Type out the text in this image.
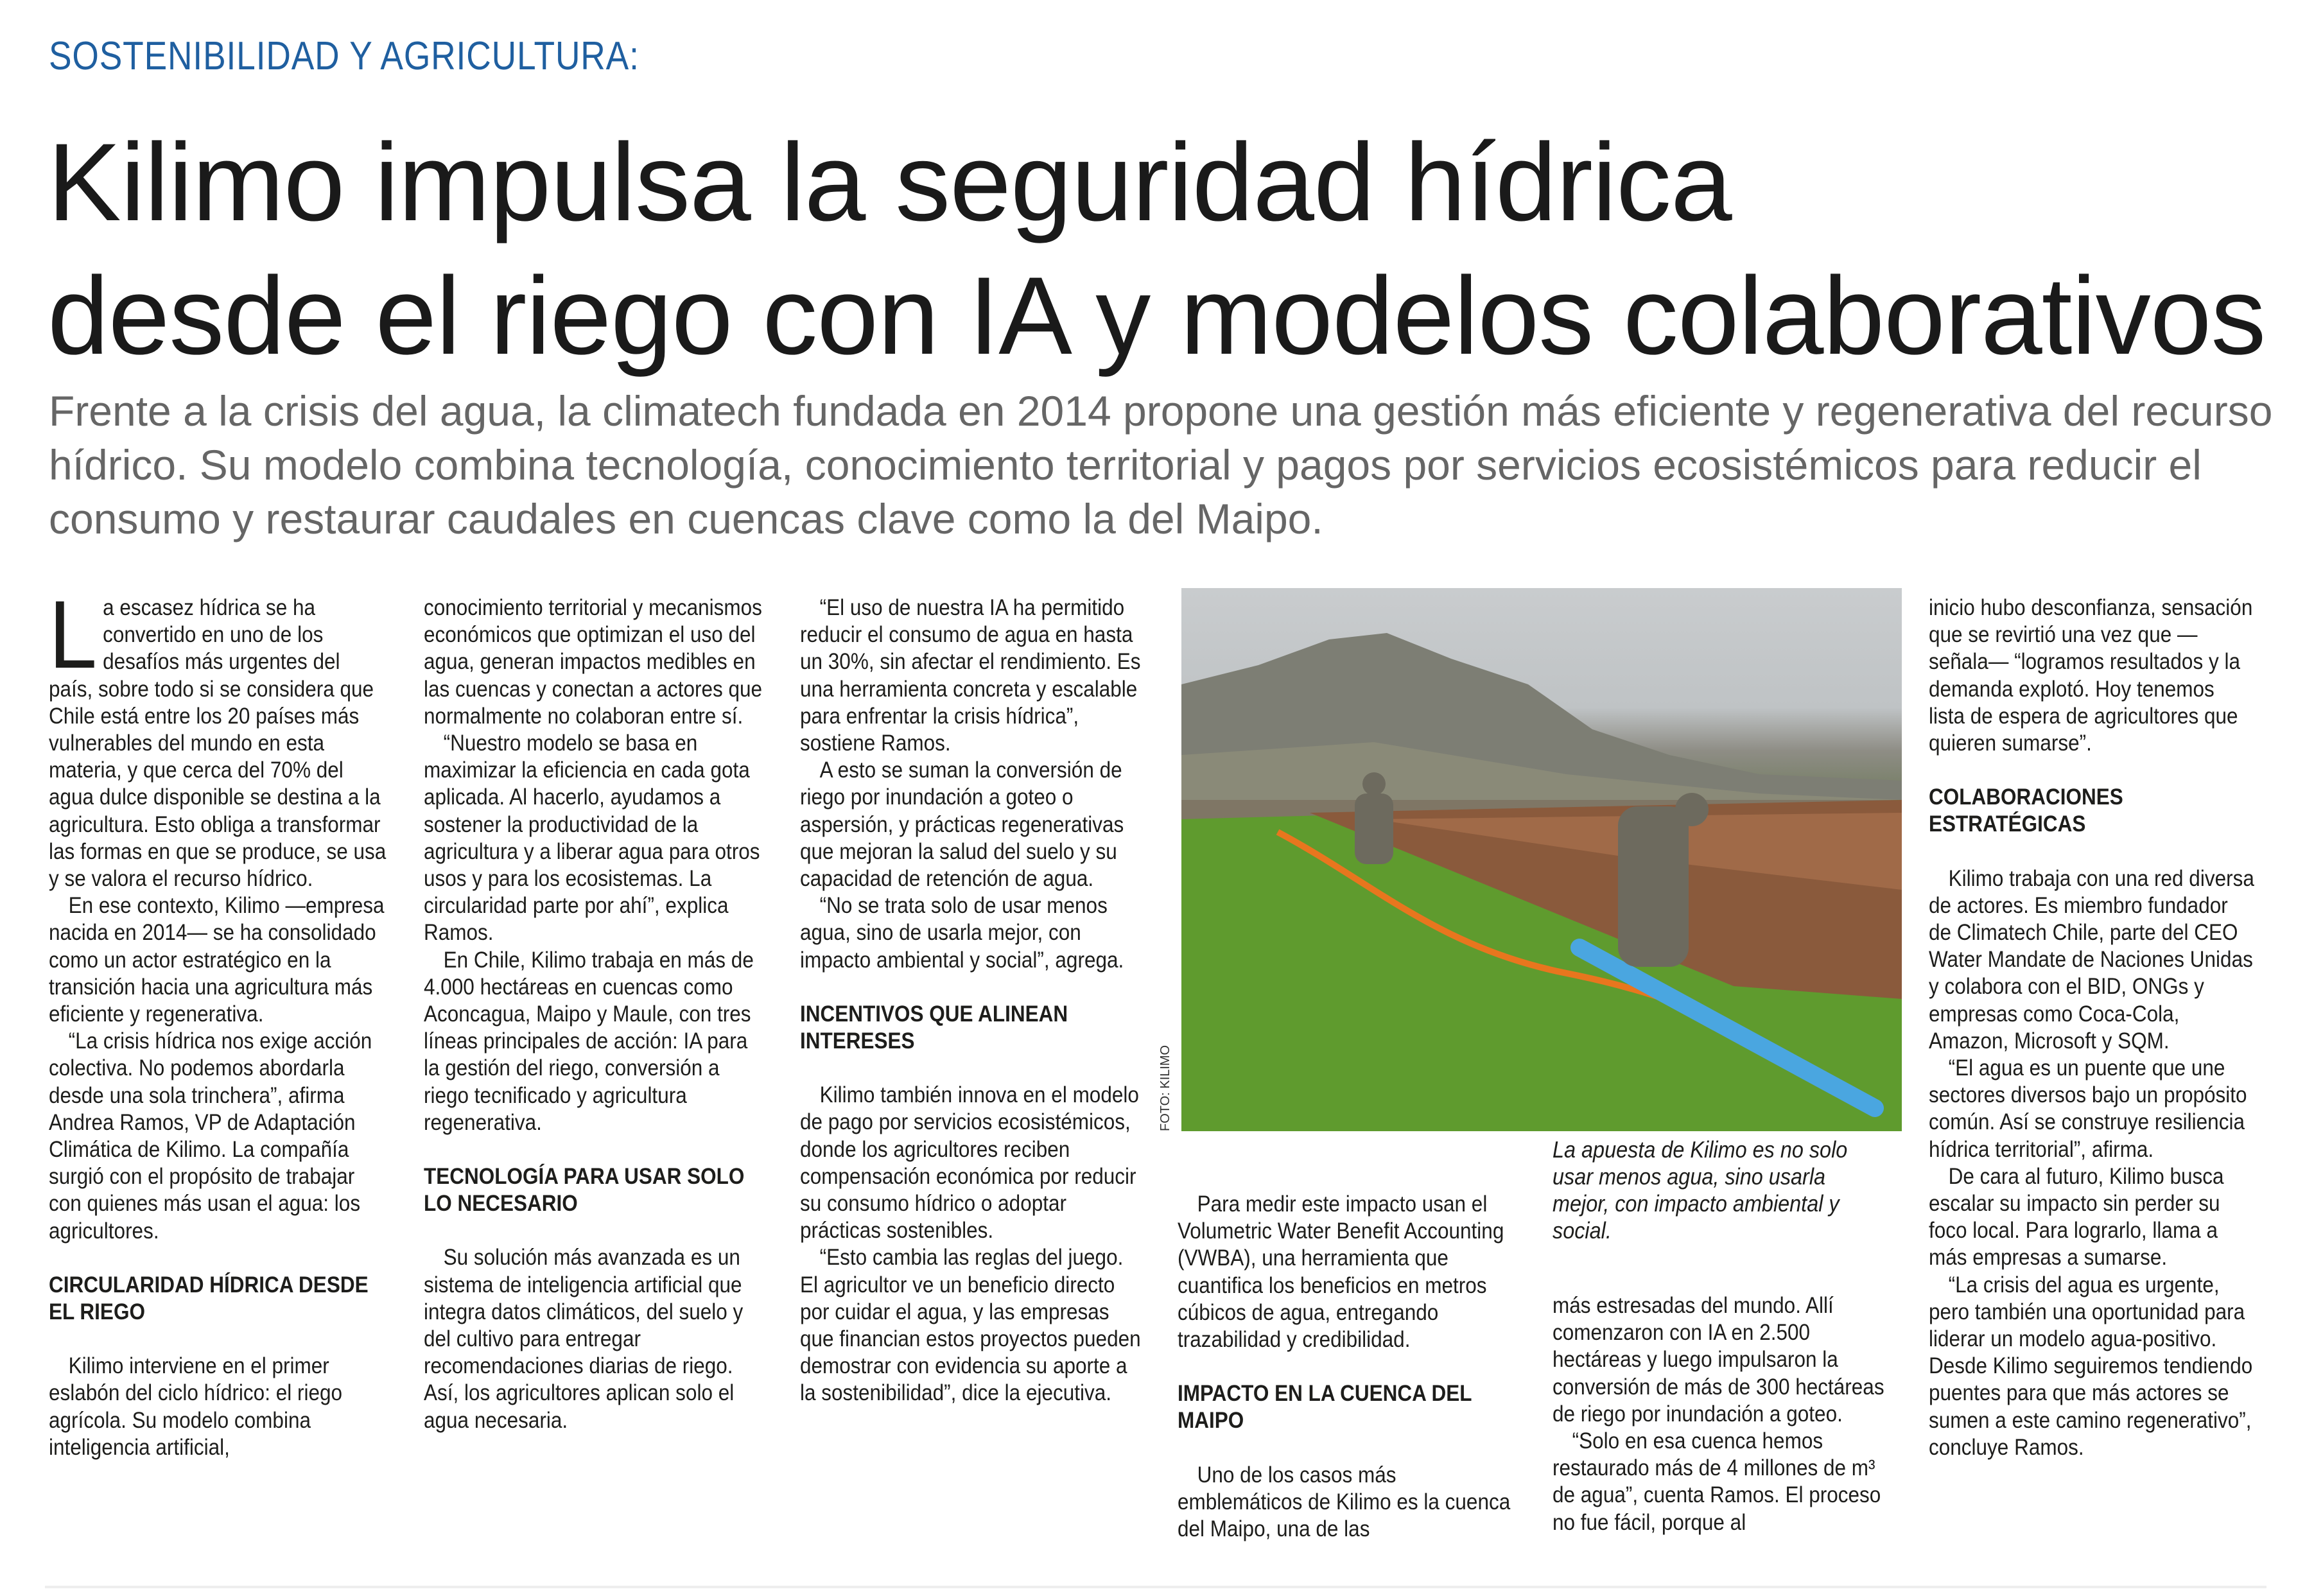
SOSTENIBILIDAD Y AGRICULTURA:
Kilimo impulsa la seguridad hídrica
desde el riego con IA y modelos colaborativos
Frente a la crisis del agua, la climatech fundada en 2014 propone una gestión más eficiente y regenerativa del recurso
hídrico. Su modelo combina tecnología, conocimiento territorial y pagos por servicios ecosistémicos para reducir el
consumo y restaurar caudales en cuencas clave como la del Maipo.

La escasez hídrica se ha convertido en uno de los desafíos más urgentes del país, sobre todo si se considera que Chile está entre los 20 países más vulnerables del mundo en esta materia, y que cerca del 70% del agua dulce disponible se destina a la agricultura. Esto obliga a transformar las formas en que se produce, se usa y se valora el recurso hídrico.

En ese contexto, Kilimo —empresa nacida en 2014— se ha consolidado como un actor estratégico en la transición hacia una agricultura más eficiente y regenerativa.

“La crisis hídrica nos exige acción colectiva. No podemos abordarla desde una sola trinchera”, afirma Andrea Ramos, VP de Adaptación Climática de Kilimo. La compañía surgió con el propósito de trabajar con quienes más usan el agua: los agricultores.

CIRCULARIDAD HÍDRICA DESDE EL RIEGO

Kilimo interviene en el primer eslabón del ciclo hídrico: el riego agrícola. Su modelo combina inteligencia artificial,

conocimiento territorial y mecanismos económicos que optimizan el uso del agua, generan impactos medibles en las cuencas y conectan a actores que normalmente no colaboran entre sí.

“Nuestro modelo se basa en maximizar la eficiencia en cada gota aplicada. Al hacerlo, ayudamos a sostener la productividad de la agricultura y a liberar agua para otros usos y para los ecosistemas. La circularidad parte por ahí”, explica Ramos.

En Chile, Kilimo trabaja en más de 4.000 hectáreas en cuencas como Aconcagua, Maipo y Maule, con tres líneas principales de acción: IA para la gestión del riego, conversión a riego tecnificado y agricultura regenerativa.

TECNOLOGÍA PARA USAR SOLO LO NECESARIO

Su solución más avanzada es un sistema de inteligencia artificial que integra datos climáticos, del suelo y del cultivo para entregar recomendaciones diarias de riego. Así, los agricultores aplican solo el agua necesaria.

“El uso de nuestra IA ha permitido reducir el consumo de agua en hasta un 30%, sin afectar el rendimiento. Es una herramienta concreta y escalable para enfrentar la crisis hídrica”, sostiene Ramos.

A esto se suman la conversión de riego por inundación a goteo o aspersión, y prácticas regenerativas que mejoran la salud del suelo y su capacidad de retención de agua.

“No se trata solo de usar menos agua, sino de usarla mejor, con impacto ambiental y social”, agrega.

INCENTIVOS QUE ALINEAN INTERESES

Kilimo también innova en el modelo de pago por servicios ecosistémicos, donde los agricultores reciben compensación económica por reducir su consumo hídrico o adoptar prácticas sostenibles.

“Esto cambia las reglas del juego. El agricultor ve un beneficio directo por cuidar el agua, y las empresas que financian estos proyectos pueden demostrar con evidencia su aporte a la sostenibilidad”, dice la ejecutiva.

FOTO: KILIMO
La apuesta de Kilimo es no solo
usar menos agua, sino usarla
mejor, con impacto ambiental y
social.

Para medir este impacto usan el Volumetric Water Benefit Accounting (VWBA), una herramienta que cuantifica los beneficios en metros cúbicos de agua, entregando trazabilidad y credibilidad.

IMPACTO EN LA CUENCA DEL MAIPO

Uno de los casos más emblemáticos de Kilimo es la cuenca del Maipo, una de las

más estresadas del mundo. Allí comenzaron con IA en 2.500 hectáreas y luego impulsaron la conversión de más de 300 hectáreas de riego por inundación a goteo.

“Solo en esa cuenca hemos restaurado más de 4 millones de m³ de agua”, cuenta Ramos. El proceso no fue fácil, porque al

inicio hubo desconfianza, sensación que se revirtió una vez que —señala— “logramos resultados y la demanda explotó. Hoy tenemos lista de espera de agricultores que quieren sumarse”.

COLABORACIONES ESTRATÉGICAS

Kilimo trabaja con una red diversa de actores. Es miembro fundador de Climatech Chile, parte del CEO Water Mandate de Naciones Unidas y colabora con el BID, ONGs y empresas como Coca-Cola, Amazon, Microsoft y SQM.

“El agua es un puente que une sectores diversos bajo un propósito común. Así se construye resiliencia hídrica territorial”, afirma.

De cara al futuro, Kilimo busca escalar su impacto sin perder su foco local. Para lograrlo, llama a más empresas a sumarse.

“La crisis del agua es urgente, pero también una oportunidad para liderar un modelo agua-positivo. Desde Kilimo seguiremos tendiendo puentes para que más actores se sumen a este camino regenerativo”, concluye Ramos.
